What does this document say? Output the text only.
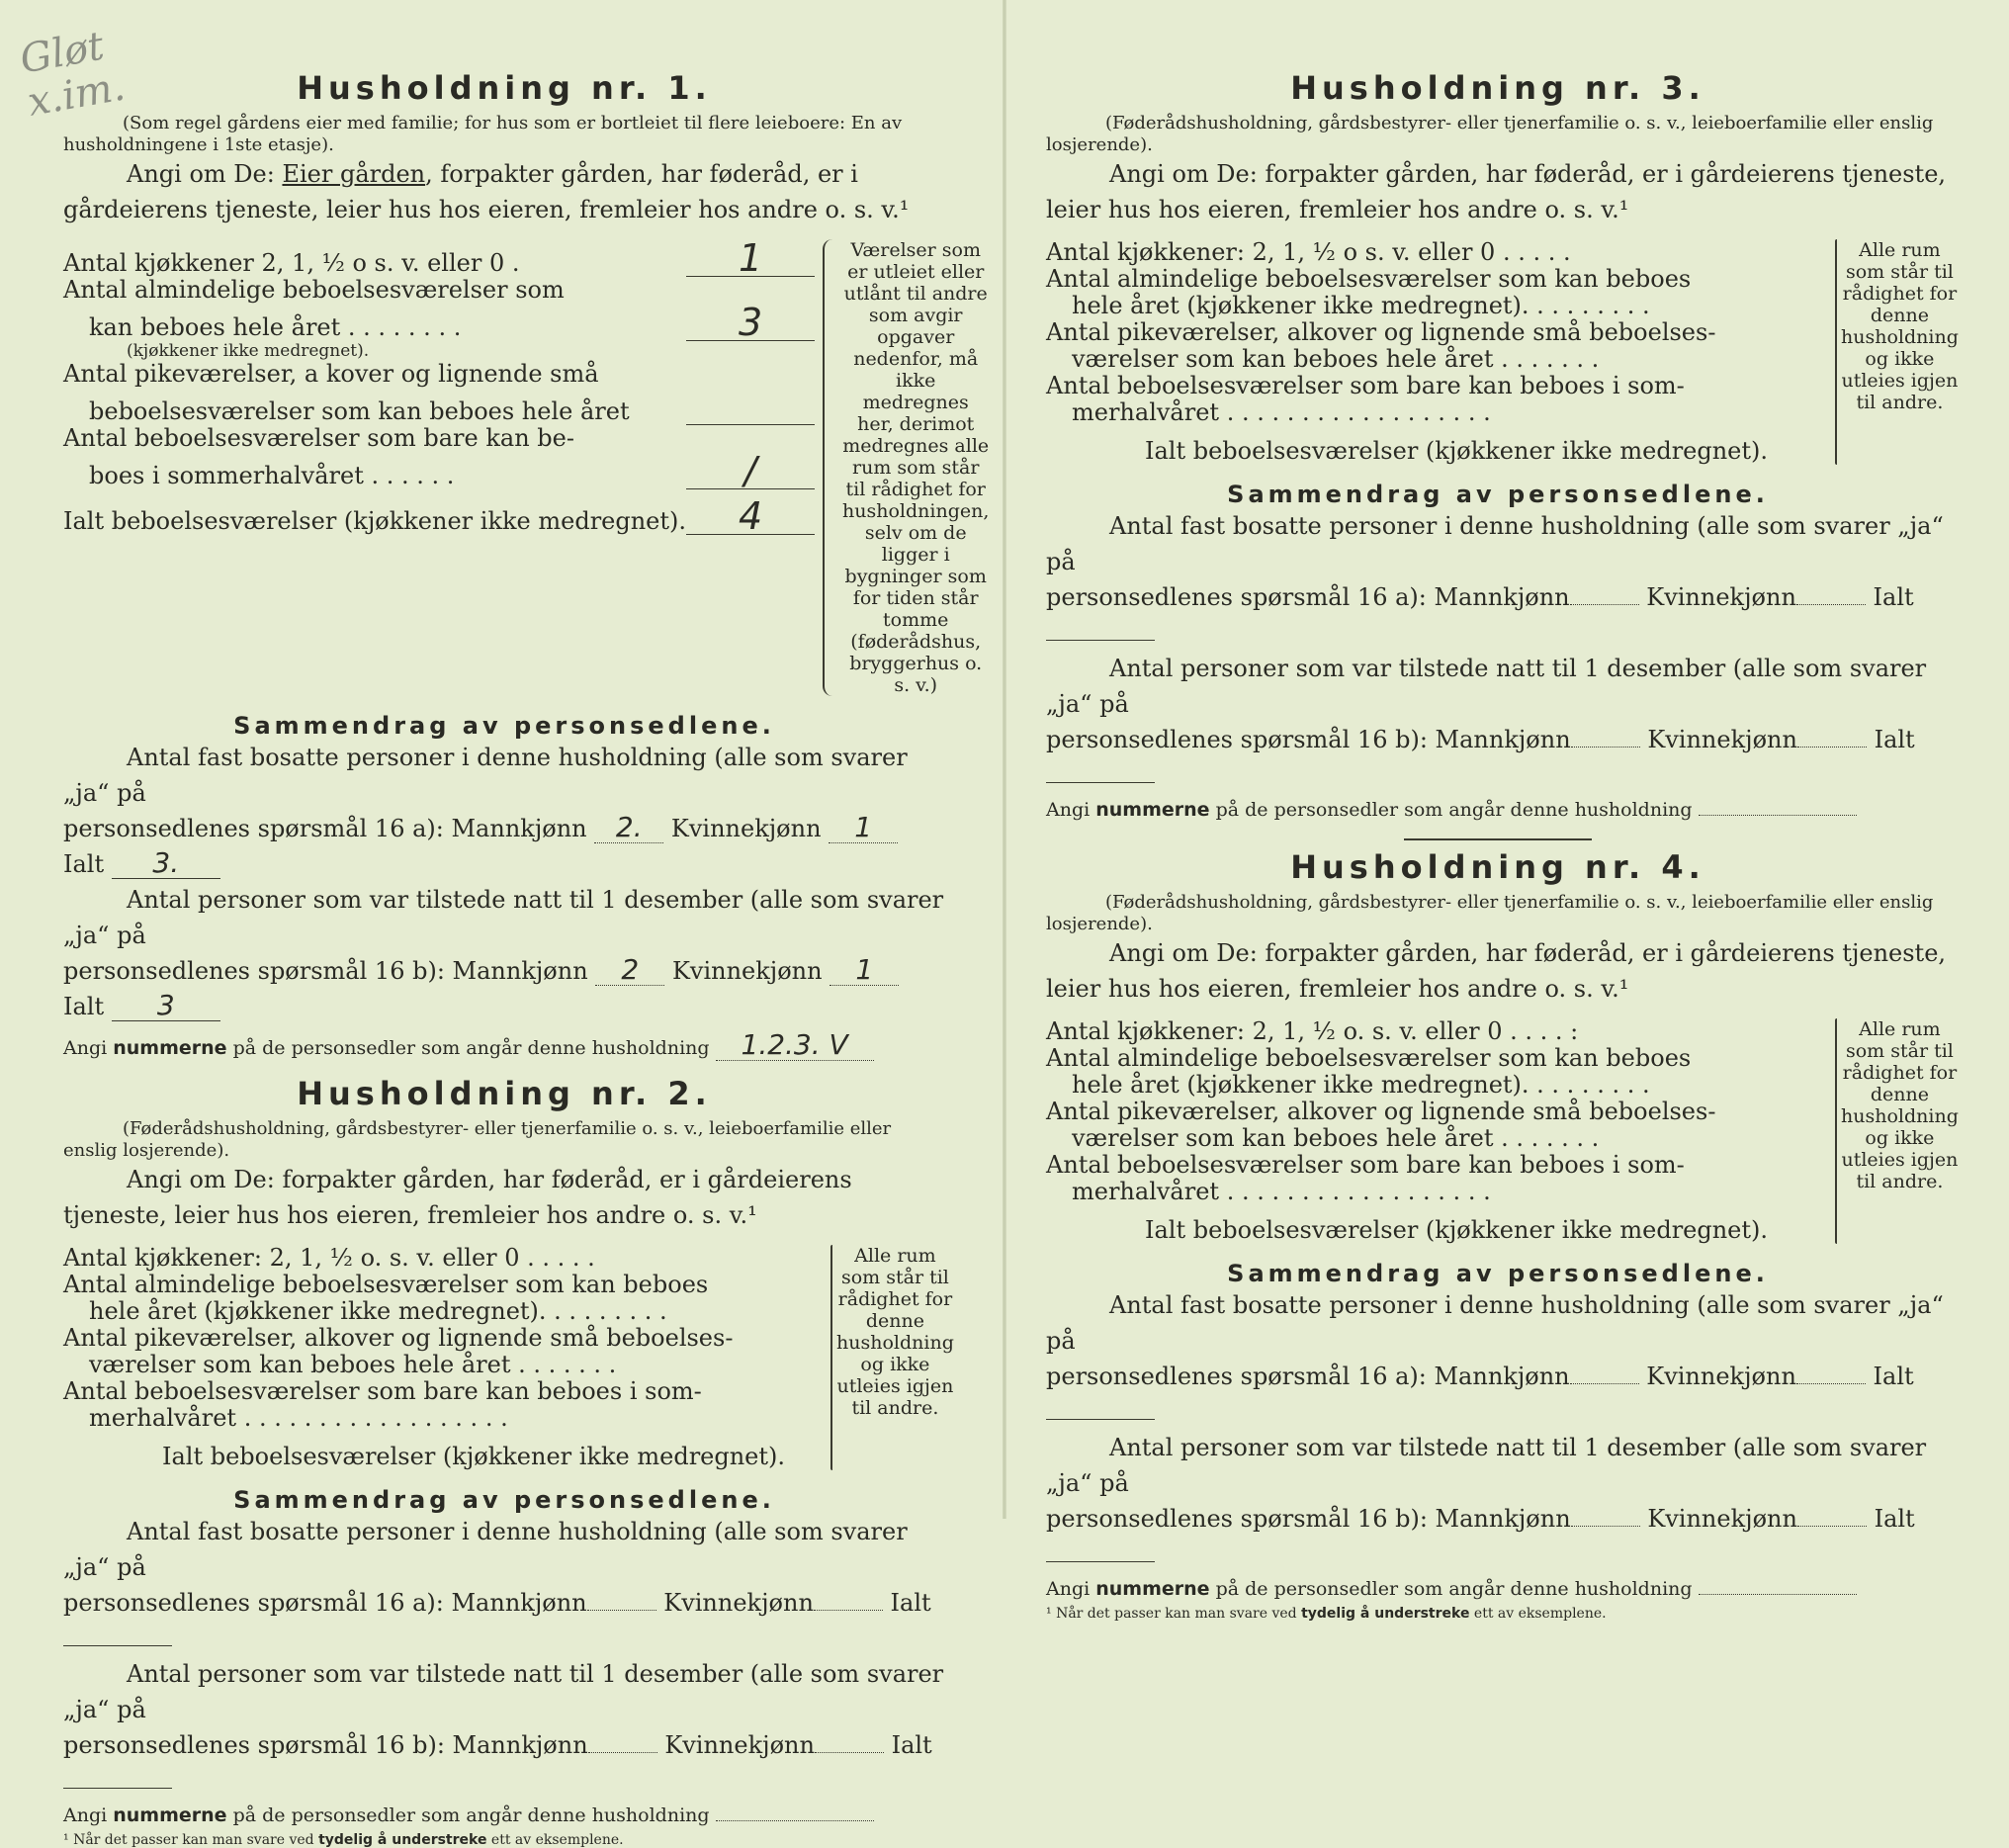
Gløt
x.im.	Husholdning nr. 1.
(Som regel gårdens eier med familie; for hus som er bortleiet til flere leieboere: En av husholdningene i 1ste etasje).
Angi om De: Eier gården, forpakter gården, har føderåd, er i gårdeierens tjeneste, leier hus hos eieren, fremleier hos andre o. s. v.¹
Antal kjøkkener 2, 1, ½ o s. v. eller 0 .	1
Antal almindelige beboelsesværelser som
kan beboes hele året . . . . . . . .	3
(kjøkkener ikke medregnet).
Antal pikeværelser, a kover og lignende små
beboelsesværelser som kan beboes hele året
Antal beboelsesværelser som bare kan be-
boes i sommerhalvåret . . . . . .	/
Ialt beboelsesværelser (kjøkkener ikke medregnet).	4
Værelser som er utleiet eller utlånt til andre som avgir opgaver nedenfor, må ikke medregnes her, derimot medregnes alle rum som står til rådighet for husholdningen, selv om de ligger i bygninger som for tiden står tomme (føderådshus, bryggerhus o. s. v.)
Sammendrag av personsedlene.
Antal fast bosatte personer i denne husholdning (alle som svarer „ja“ på
personsedlenes spørsmål 16 a): Mannkjønn 2. Kvinnekjønn 1 Ialt 3.
Antal personer som var tilstede natt til 1 desember (alle som svarer „ja“ på
personsedlenes spørsmål 16 b): Mannkjønn 2 Kvinnekjønn 1 Ialt 3
Angi nummerne på de personsedler som angår denne husholdning 1.2.3. V
Husholdning nr. 2.
(Føderådshusholdning, gårdsbestyrer- eller tjenerfamilie o. s. v., leieboerfamilie eller enslig losjerende).
Angi om De: forpakter gården, har føderåd, er i gårdeierens tjeneste, leier hus hos eieren, fremleier hos andre o. s. v.¹
Antal kjøkkener: 2, 1, ½ o. s. v. eller 0 . . . . .
Antal almindelige beboelsesværelser som kan beboes
hele året (kjøkkener ikke medregnet). . . . . . . . .
Antal pikeværelser, alkover og lignende små beboelses-
værelser som kan beboes hele året . . . . . . .
Antal beboelsesværelser som bare kan beboes i som-
merhalvåret . . . . . . . . . . . . . . . . . .
Ialt beboelsesværelser (kjøkkener ikke medregnet).
Alle rum som står til rådighet for denne husholdning og ikke utleies igjen til andre.
Sammendrag av personsedlene.
Antal fast bosatte personer i denne husholdning (alle som svarer „ja“ på
personsedlenes spørsmål 16 a): Mannkjønn	Kvinnekjønn	Ialt
Antal personer som var tilstede natt til 1 desember (alle som svarer „ja“ på
personsedlenes spørsmål 16 b): Mannkjønn	Kvinnekjønn	Ialt
Angi nummerne på de personsedler som angår denne husholdning
¹ Når det passer kan man svare ved tydelig å understreke ett av eksemplene.
Husholdning nr. 3.
(Føderådshusholdning, gårdsbestyrer- eller tjenerfamilie o. s. v., leieboerfamilie eller enslig losjerende).
Angi om De: forpakter gården, har føderåd, er i gårdeierens tjeneste, leier hus hos eieren, fremleier hos andre o. s. v.¹
Antal kjøkkener: 2, 1, ½ o s. v. eller 0 . . . . .
Antal almindelige beboelsesværelser som kan beboes
hele året (kjøkkener ikke medregnet). . . . . . . . .
Antal pikeværelser, alkover og lignende små beboelses-
værelser som kan beboes hele året . . . . . . .
Antal beboelsesværelser som bare kan beboes i som-
merhalvåret . . . . . . . . . . . . . . . . . .
Ialt beboelsesværelser (kjøkkener ikke medregnet).
Alle rum som står til rådighet for denne husholdning og ikke utleies igjen til andre.
Sammendrag av personsedlene.
Antal fast bosatte personer i denne husholdning (alle som svarer „ja“ på
personsedlenes spørsmål 16 a): Mannkjønn	Kvinnekjønn	Ialt
Antal personer som var tilstede natt til 1 desember (alle som svarer „ja“ på
personsedlenes spørsmål 16 b): Mannkjønn	Kvinnekjønn	Ialt
Angi nummerne på de personsedler som angår denne husholdning
Husholdning nr. 4.
(Føderådshusholdning, gårdsbestyrer- eller tjenerfamilie o. s. v., leieboerfamilie eller enslig losjerende).
Angi om De: forpakter gården, har føderåd, er i gårdeierens tjeneste, leier hus hos eieren, fremleier hos andre o. s. v.¹
Antal kjøkkener: 2, 1, ½ o. s. v. eller 0 . . . . :
Antal almindelige beboelsesværelser som kan beboes
hele året (kjøkkener ikke medregnet). . . . . . . . .
Antal pikeværelser, alkover og lignende små beboelses-
værelser som kan beboes hele året . . . . . . .
Antal beboelsesværelser som bare kan beboes i som-
merhalvåret . . . . . . . . . . . . . . . . . .
Ialt beboelsesværelser (kjøkkener ikke medregnet).
Alle rum som står til rådighet for denne husholdning og ikke utleies igjen til andre.
Sammendrag av personsedlene.
Antal fast bosatte personer i denne husholdning (alle som svarer „ja“ på
personsedlenes spørsmål 16 a): Mannkjønn	Kvinnekjønn	Ialt
Antal personer som var tilstede natt til 1 desember (alle som svarer „ja“ på
personsedlenes spørsmål 16 b): Mannkjønn	Kvinnekjønn	Ialt
Angi nummerne på de personsedler som angår denne husholdning
¹ Når det passer kan man svare ved tydelig å understreke ett av eksemplene.
